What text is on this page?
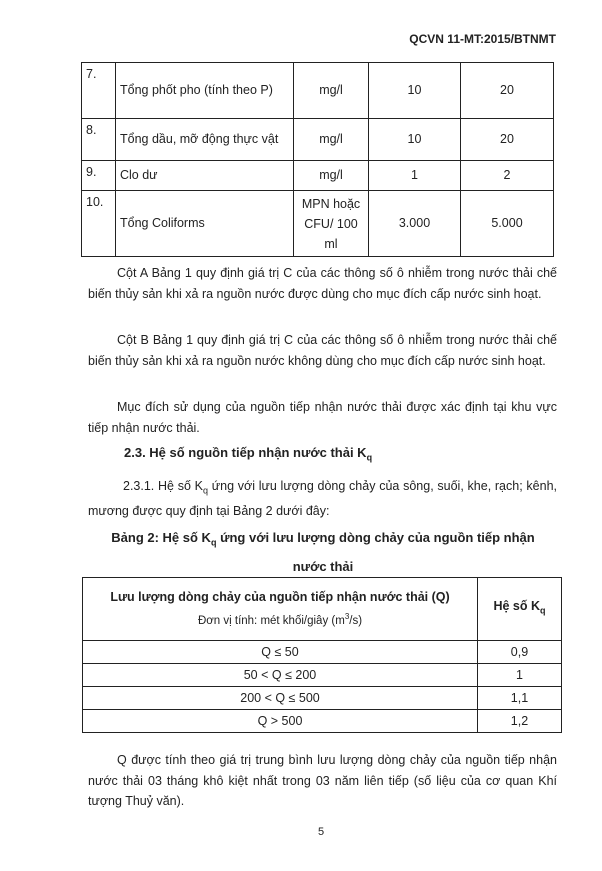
QCVN 11-MT:2015/BTNMT
7.	Tổng phốt pho (tính theo P)	mg/l	10	20
8.	Tổng dầu, mỡ động thực vật	mg/l	10	20
9.	Clo dư	mg/l	1	2
10.	Tổng Coliforms	MPN hoặc CFU/ 100 ml	3.000	5.000
Cột A Bảng 1 quy định giá trị C của các thông số ô nhiễm trong nước thải chế biến thủy sản khi xả ra nguồn nước được dùng cho mục đích cấp nước sinh hoạt.
Cột B Bảng 1 quy định giá trị C của các thông số ô nhiễm trong nước thải chế biến thủy sản khi xả ra nguồn nước không dùng cho mục đích cấp nước sinh hoạt.
Mục đích sử dụng của nguồn tiếp nhận nước thải được xác định tại khu vực tiếp nhận nước thải.
2.3. Hệ số nguồn tiếp nhận nước thải $K_q$
2.3.1. Hệ số $K_q$ ứng với lưu lượng dòng chảy của sông, suối, khe, rạch; kênh, mương được quy định tại Bảng 2 dưới đây:
Bảng 2: Hệ số $K_q$ ứng với lưu lượng dòng chảy của nguồn tiếp nhận nước thải
Lưu lượng dòng chảy của nguồn tiếp nhận nước thải (Q)
Đơn vị tính: mét khối/giây $(m^3/s)$	Hệ số $K_q$
Q ≤ 50	0,9
50 < Q ≤ 200	1
200 < Q ≤ 500	1,1
Q > 500	1,2
Q được tính theo giá trị trung bình lưu lượng dòng chảy của nguồn tiếp nhận nước thải 03 tháng khô kiệt nhất trong 03 năm liên tiếp (số liệu của cơ quan Khí tượng Thuỷ văn).
5
